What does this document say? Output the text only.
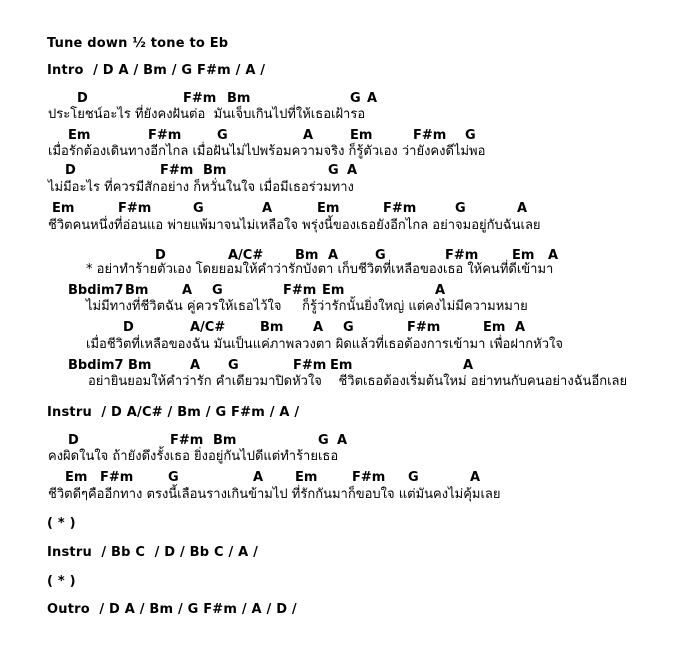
Tune down ½ tone to Eb
Intro  / D A / Bm / G F#m / A /
D	F#m Bm	G A
ประโยชน์อะไร ที่ยังคงฝันต่อ  มันเจ็บเกินไปที่ให้เธอเฝ้ารอ
Em	F#m	G	A	Em	F#m G
เมื่อรักต้องเดินทางอีกไกล เมื่อฝันไม่ไปพร้อมความจริง ก็รู้ตัวเอง ว่ายังคงดีไม่พอ
D	F#m Bm	G A
ไม่มีอะไร ที่ควรมีสักอย่าง ก็หวั่นในใจ เมื่อมีเธอร่วมทาง
Em	F#m	G	A	Em	F#m	G	A
ชีวิตคนหนึ่งที่อ่อนแอ พ่ายแพ้มาจนไม่เหลือใจ พรุ่งนี้ของเธอยังอีกไกล อย่าจมอยู่กับฉันเลย
D	A/C# Bm A	G	F#m	Em A
* อย่าทำร้ายตัวเอง โดยยอมให้คำว่ารักบังตา เก็บชีวิตที่เหลือของเธอ ให้คนที่ดีเข้ามา
Bbdim7 Bm	A G	F#m Em	A
ไม่มีทางที่ชีวิตฉัน คู่ควรให้เธอไว้ใจ     ก็รู้ว่ารักนั้นยิ่งใหญ่ แต่คงไม่มีความหมาย
D	A/C#	Bm A G	F#m	Em A
เมื่อชีวิตที่เหลือของฉัน มันเป็นแค่ภาพลวงตา ผิดแล้วที่เธอต้องการเข้ามา เพื่อฝากหัวใจ
Bbdim7 Bm	A G	F#m Em	A
อย่ายินยอมให้คำว่ารัก คำเดียวมาปิดหัวใจ    ชีวิตเธอต้องเริ่มต้นใหม่ อย่าทนกับคนอย่างฉันอีกเลย
Instru  / D A/C# / Bm / G F#m / A /
D	F#m Bm	G A
คงผิดในใจ ถ้ายังดึงรั้งเธอ ยิ่งอยู่กันไปดีแต่ทำร้ายเธอ
Em F#m	G	A Em	F#m G	A
ชีวิตดีๆคืออีกทาง ตรงนี้เลือนรางเกินข้ามไป ที่รักกันมาก็ขอบใจ แต่มันคงไม่คุ้มเลย
( * )
Instru  / Bb C  / D / Bb C / A /
( * )
Outro  / D A / Bm / G F#m / A / D /
